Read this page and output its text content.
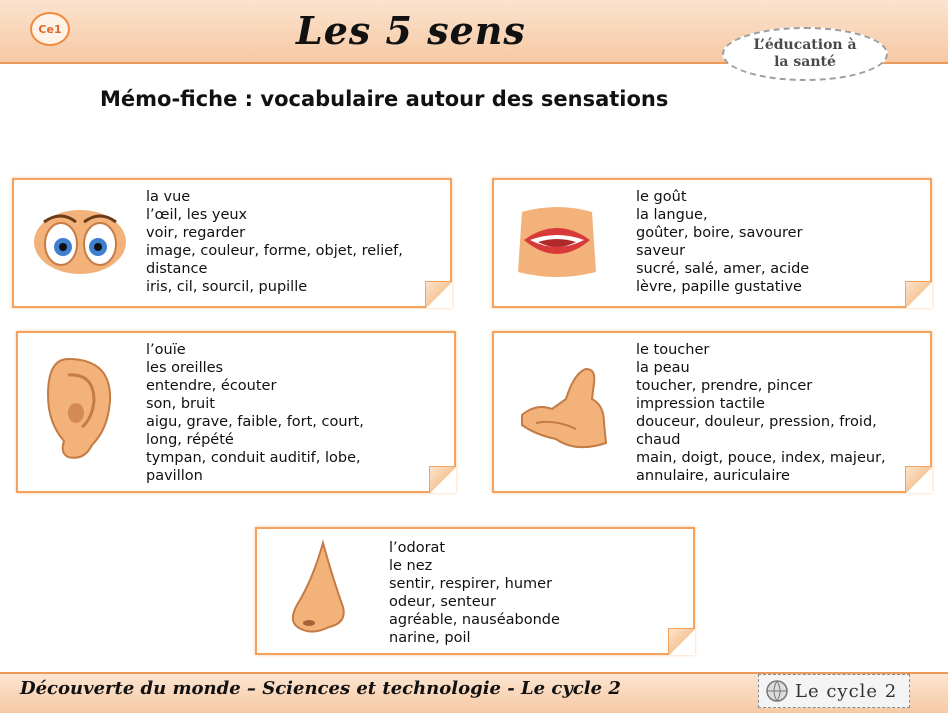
Ce1	Les 5 sens	L’éducation à
la santé
Mémo-fiche : vocabulaire autour des sensations
la vue
l’œil, les yeux
voir, regarder
image, couleur, forme, objet, relief,
distance
iris, cil, sourcil, pupille
le goût
la langue,
goûter, boire, savourer
saveur
sucré, salé, amer, acide
lèvre, papille gustative
l’ouïe
les oreilles
entendre, écouter
son, bruit
aigu, grave, faible, fort, court,
long, répété
tympan, conduit auditif, lobe,
pavillon
le toucher
la peau
toucher, prendre, pincer
impression tactile
douceur, douleur, pression, froid,
chaud
main, doigt, pouce, index, majeur,
annulaire, auriculaire
l’odorat
le nez
sentir, respirer, humer
odeur, senteur
agréable, nauséabonde
narine, poil
Découverte du monde – Sciences et technologie - Le cycle 2	Le cycle 2
